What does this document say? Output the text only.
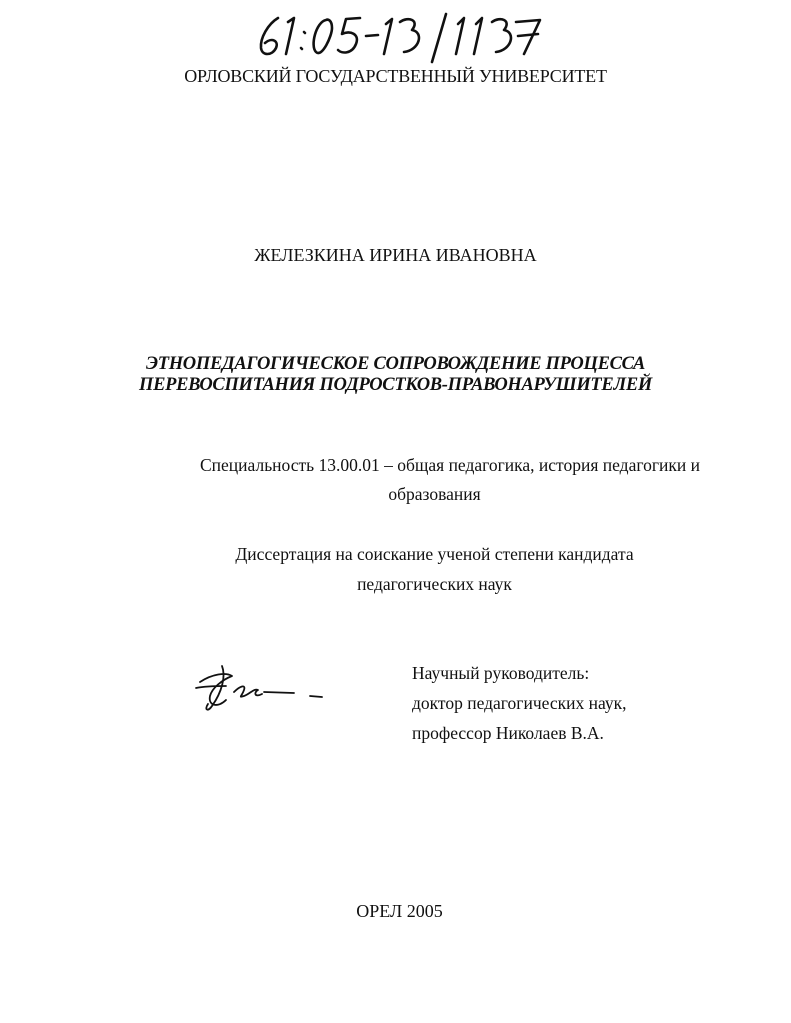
ОРЛОВСКИЙ ГОСУДАРСТВЕННЫЙ УНИВЕРСИТЕТ
ЖЕЛЕЗКИНА ИРИНА ИВАНОВНА
ЭТНОПЕДАГОГИЧЕСКОЕ СОПРОВОЖДЕНИЕ ПРОЦЕССА
ПЕРЕВОСПИТАНИЯ ПОДРОСТКОВ-ПРАВОНАРУШИТЕЛЕЙ
Специальность 13.00.01 – общая педагогика, история педагогики и
образования
Диссертация на соискание ученой степени кандидата
педагогических наук
Научный руководитель:
доктор педагогических наук,
профессор Николаев В.А.
ОРЕЛ 2005
